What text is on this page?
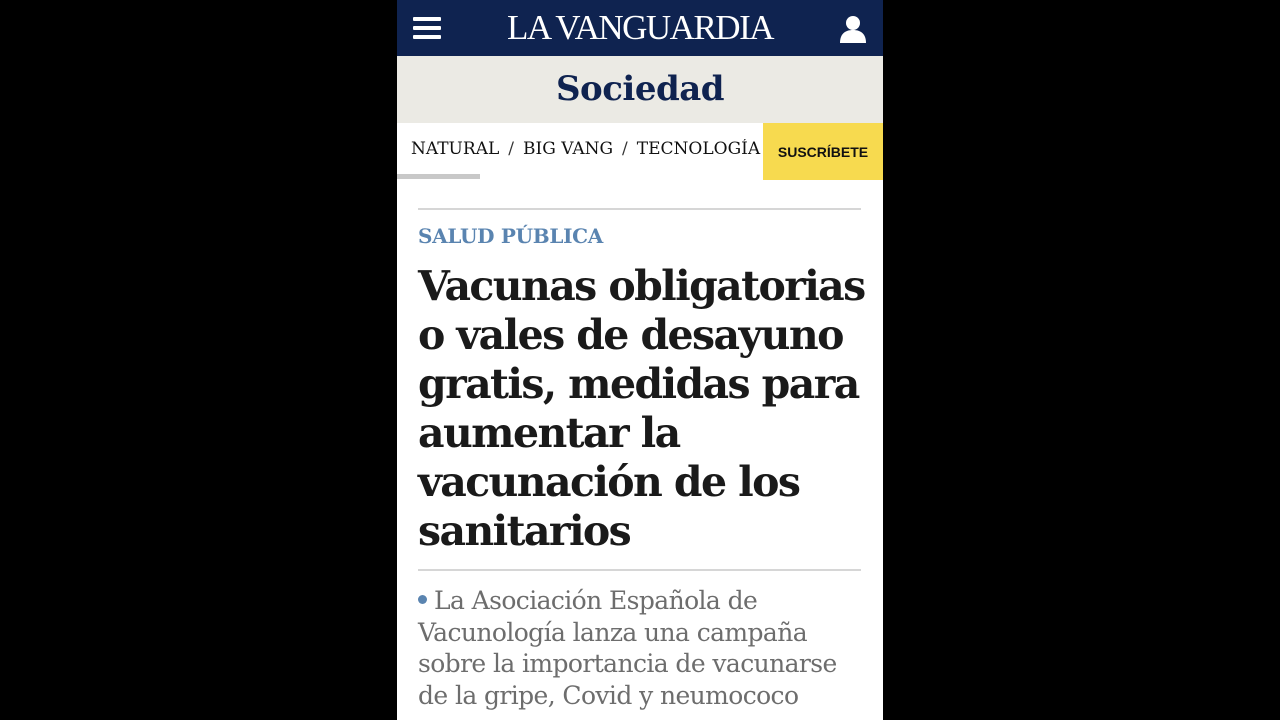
LA VANGUARDIA
Sociedad
NATURAL / BIG VANG / TECNOLOGÍA	SUSCRÍBETE
SALUD PÚBLICA
Vacunas obligatorias o vales de desayuno gratis, medidas para aumentar la vacunación de los sanitarios

La Asociación Española de Vacunología lanza una campaña sobre la importancia de vacunarse de la gripe, Covid y neumococo
